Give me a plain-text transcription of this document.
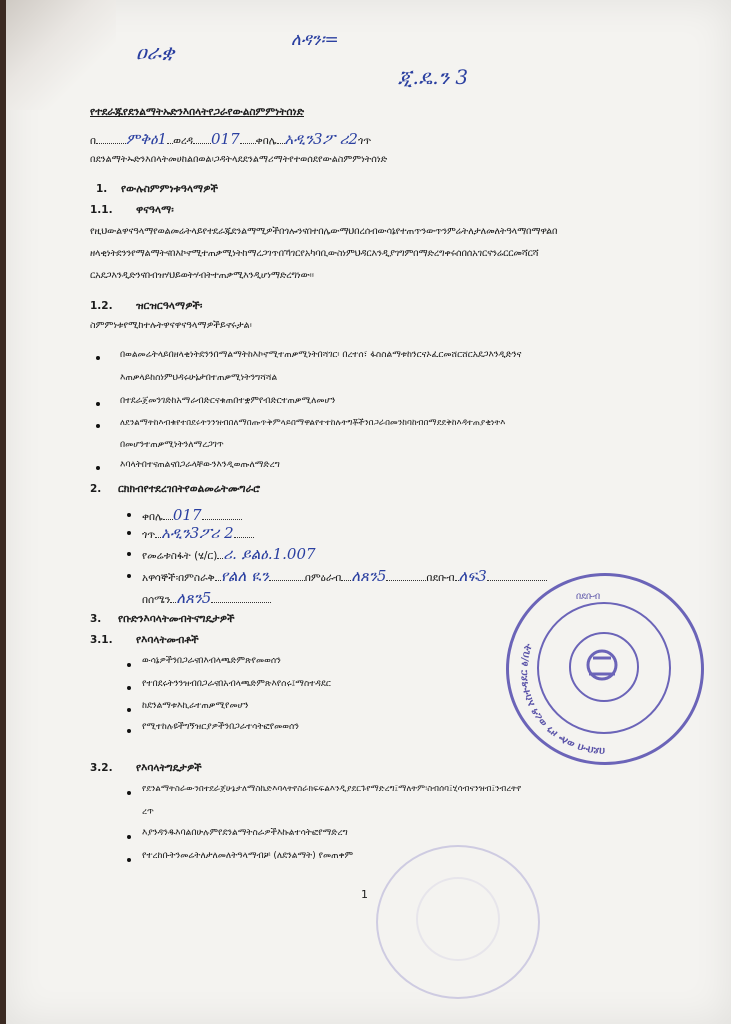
ዐራቋ	ለዳን፡=
ጂ.ዴ.ን 3
የተደራጁየደንልማትኡድንእበላትየጋራየውልስምምነትሰነድ
በ ምቅዕ1 ወረዳ 017 ቀበሌ አዲን3ፖ ሪ2ጎጥ
በደንልማትኡድንእበላትመሀከልበወል፡ጋዳትላደደንልማሪማትየተወሰደየውልስምምነትሰነድ
1. የውሉስምምነቱዓላማዎች
1.1. ዋናዓላማ፡
የዚህውልዋናዓላማየወልመሬትላይየተደራጁደንልማሚዎችበጎሎንናበተበሌውማህበረሰብውሳኔየተጠጥንውጥንምሬትለታለመለትዓላማበማዋልበ
ዘላቂነትደንንየማልማትናበእኮኖሚተጠቃሚነትከማረጋገጥበኻገርየአካባቢውስነምህዳርእንዲያገግምበማድረግቀሩሰበሰአገርናንሬርርመሻርሻ
ርአደጋእንዲድንናበብዝሃህይወትሃብትተጠቃሚእንዲሆነማድረግነው፡፡
1.2. ዝርዝርዓላማዎች፡
ስምምነቱየሚከተሉትዋናዋናዓላማዎችይኖሩታል፡
በወልመሬትላይበዘላቂነትደንንበማልማትከእኮኖሚተጠቃሚነትበሻገር፡ በረተሰ፣ ፋስስልማቱከንርናኦፈርመሸርሸርአደጋእንዲድንና
እጠቃላይከስነምህዳሩሁኔታበተጠቃሚነትንግሻሻል
በተደራጀመንገድከአማራብድርናቁጠበተቋምየብድርተጠቃሚለመሆን
ለደንልማትከእብቁየተበደሩትንንዝብበለማበጡጥቅምላይበማዋልየተተከሉትግቾችንበጋራበመንከባከብበማደደቅከእዳተጠያቂነትእ
በመሆንተጠቃሚነትንለማረጋገጥ
እባላትበተናጠልናበጋራላቸውንእንዲወጡለማድረግ
2. ርክክብየተደረገበትየወልመሬትሙግራሮ
ቀበሌ 017
ጎጥ አዲን3ፖሪ 2
የመሬቱስፋት (ሄ/ር) ሪ. ይልዕ.1.007
አዋሳኞች፡በምስራቅ የልለ ዪን	በምዕራብ ለጸን5	በደቡብ ለፍ3
በሰሜን ለጸን5
3. የቡድንእባላትመብትናግዴታዎች
3.1. የእባላትመብቶች
ውሳኔዎችንበጋራናበእብላጫድምጽየመወሰን
የተበደሩትንንዝብበጋራናበአብላጫድምጽእየሰሩ፤ማስተዳደር
ከደንልማቱእኪራተጠቃሚየመሆን
የሚተከሉዩችግኝዝርያዎችንበጋራተሳትፎየመወሰን
3.2. የእባላትግዴታዎች
የደንልማትስራውንበተደራጀሁኔታለማስኬድእባላትየስራክፍፍልእንዲያደርጉየማድረግ፤ማለትም፡ስብሰባ፤ሂሳብናንዝብ፤ንብረትየ
ረጥ
እያንዳንዱእባልበሁሉምየደንልማትስራዎችእኩልተሳትፎየማድረግ
የተረከቡትንመሬትለታለመለትዓላማብቻ (ለደንልማት) የመጠቀም
1
በደቡብ
በደቡብ ወሎ ዞን ወረዳ አስተዳደር ፅ/ቤት
